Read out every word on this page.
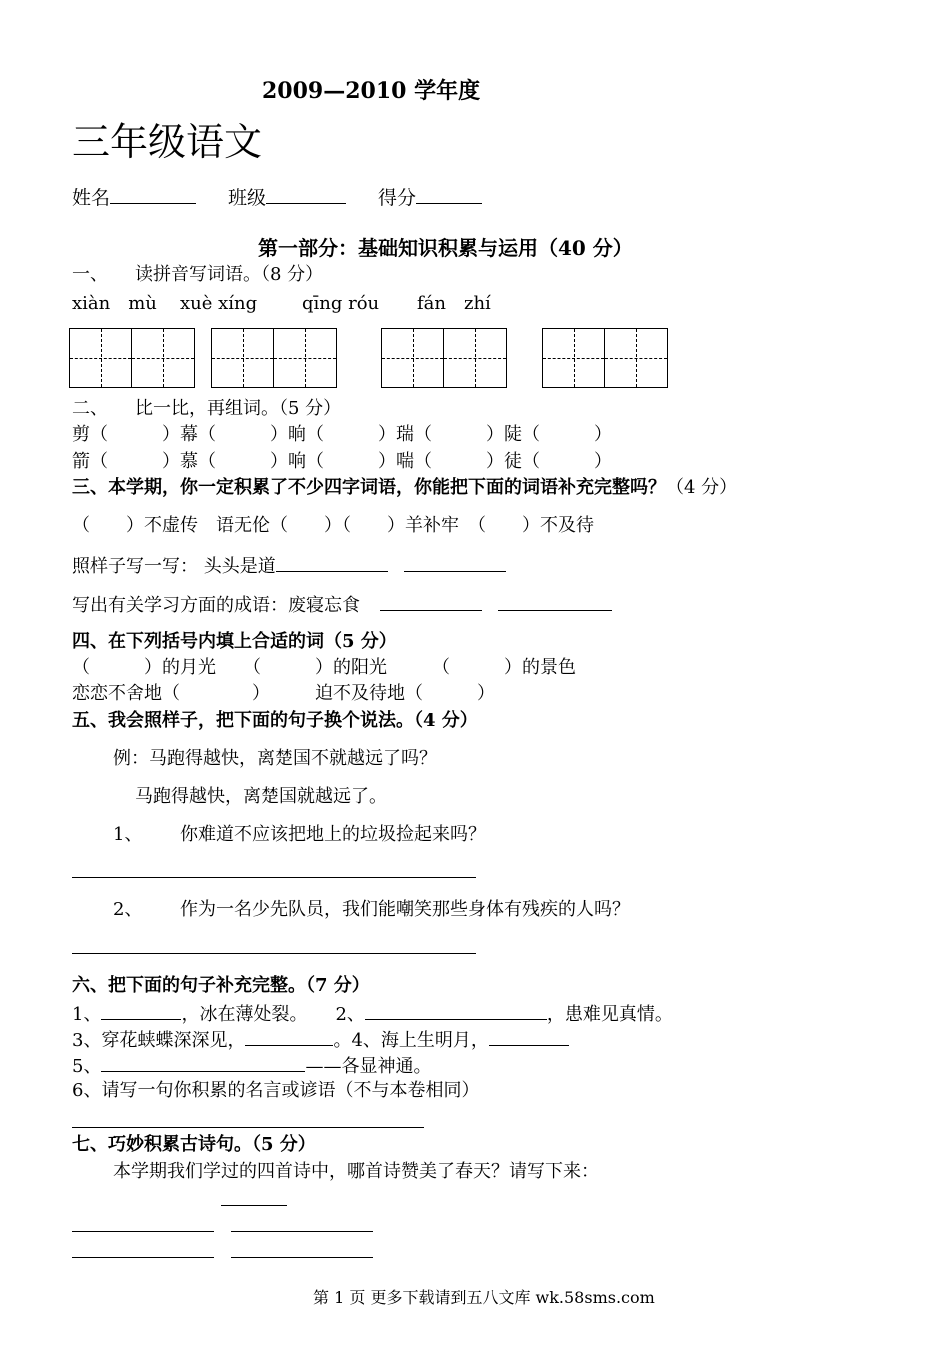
2009—2010 学年度
三年级语文
姓名	班级	得分
第一部分：基础知识积累与运用（40 分）
一、　　读拼音写词语。（8 分）
xiàn　mù xuè xíng qīng róu fán　zhí
二、　　比一比，再组词。（5 分）
剪（　　　）幕（　　　）晌（　　　）瑞（　　　）陡（　　　）
箭（　　　）慕（　　　）响（　　　）喘（　　　）徒（　　　）
三、本学期，你一定积累了不少四字词语，你能把下面的词语补充完整吗？（4 分）
（　　）不虚传　语无伦（　　）（　　）羊补牢　（　　）不及待
照样子写一写： 头头是道
写出有关学习方面的成语：废寝忘食
四、在下列括号内填上合适的词（5 分）
（　　　）的月光　　（　　　）的阳光　　　（　　　）的景色
恋恋不舍地（　　　　）　　　迫不及待地（　　　）
五、我会照样子，把下面的句子换个说法。（4 分）
例：马跑得越快，离楚国不就越远了吗？
马跑得越快，离楚国就越远了。
1、 你难道不应该把地上的垃圾捡起来吗？
2、 作为一名少先队员，我们能嘲笑那些身体有残疾的人吗？
六、把下面的句子补充完整。（7 分）
1、	，冰在薄处裂。 2、	，患难见真情。
3、穿花蛱蝶深深见，	。4、海上生明月，
5、	——各显神通。
6、请写一句你积累的名言或谚语（不与本卷相同）
七、巧妙积累古诗句。（5 分）
本学期我们学过的四首诗中，哪首诗赞美了春天？请写下来：
第 1 页 更多下载请到五八文库 wk.58sms.com
